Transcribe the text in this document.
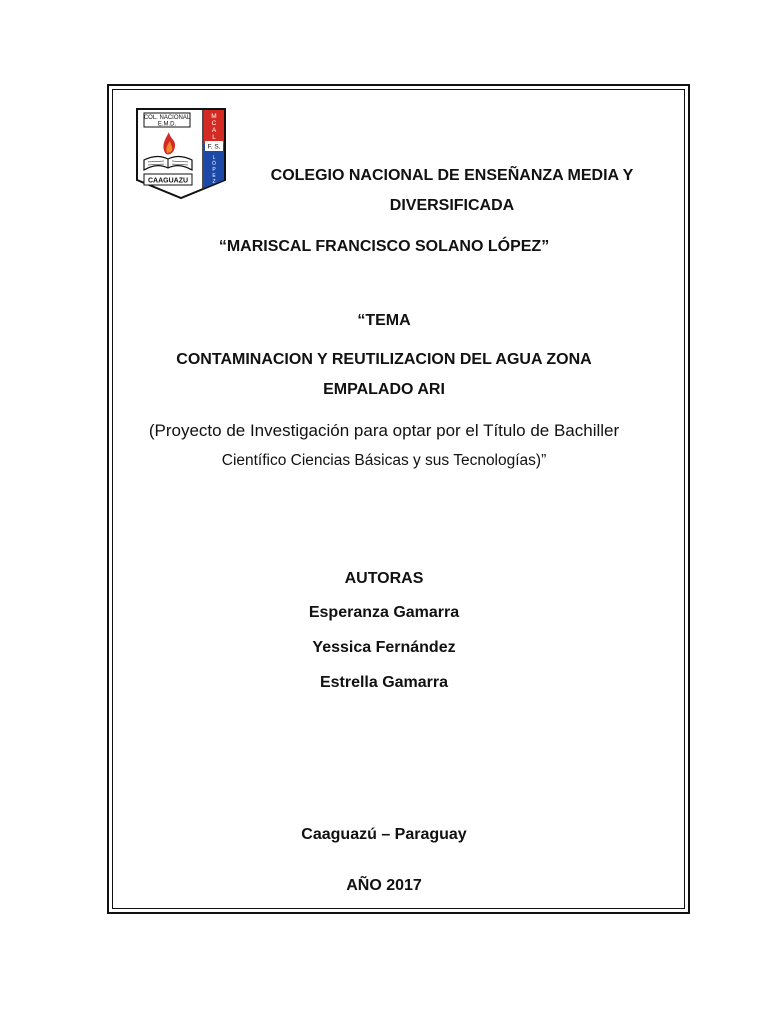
COL. NACIONAL
E.M.D.
CAAGUAZU
M
C
A
L
F. S.
L
Ó
P
E
Z	COLEGIO NACIONAL DE ENSEÑANZA MEDIA Y
DIVERSIFICADA
“MARISCAL FRANCISCO SOLANO LÓPEZ”
“TEMA
CONTAMINACION Y REUTILIZACION DEL AGUA ZONA
EMPALADO ARI
(Proyecto de Investigación para optar por el Título de Bachiller
Científico Ciencias Básicas y sus Tecnologías)”
AUTORAS
Esperanza Gamarra
Yessica Fernández
Estrella Gamarra
Caaguazú – Paraguay
AÑO 2017
